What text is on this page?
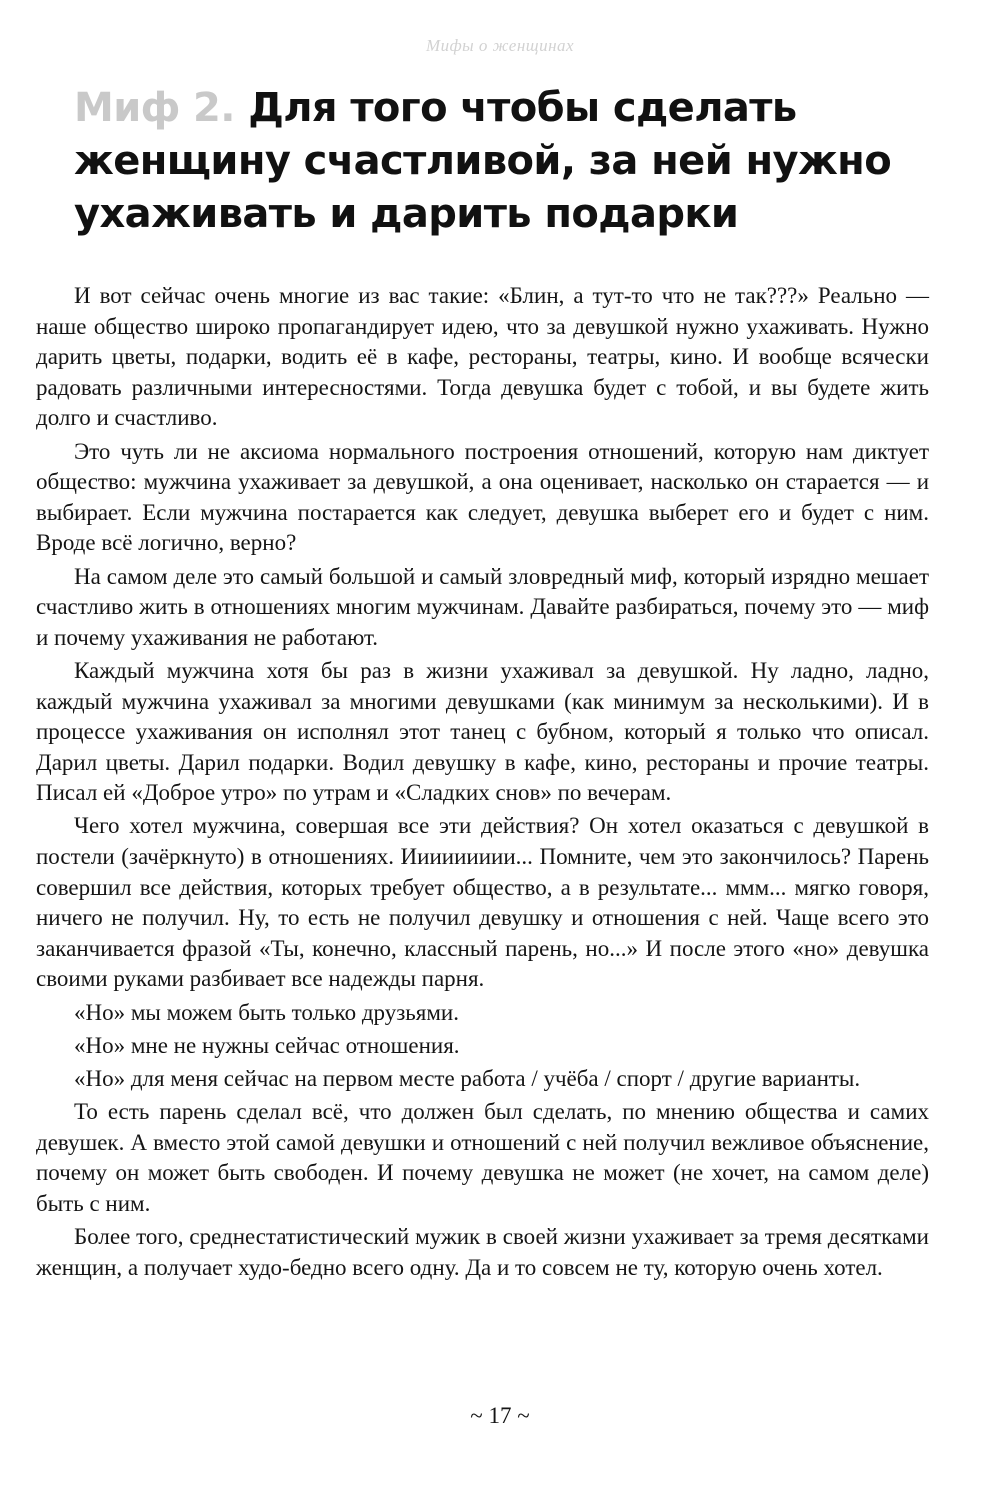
Мифы о женщинах
Миф 2. Для того чтобы сделать женщину счастливой, за ней нужно ухаживать и дарить подарки

И вот сейчас очень многие из вас такие: «Блин, а тут-то что не так???» Реально — наше общество широко пропагандирует идею, что за девушкой нужно ухаживать. Нужно дарить цветы, подарки, водить её в кафе, рестораны, театры, кино. И вообще всячески радовать различными интересностями. Тогда девушка будет с тобой, и вы будете жить долго и счастливо.

Это чуть ли не аксиома нормального построения отношений, которую нам диктует общество: мужчина ухаживает за девушкой, а она оценивает, насколько он старается — и выбирает. Если мужчина постарается как следует, девушка выберет его и будет с ним. Вроде всё логично, верно?

На самом деле это самый большой и самый зловредный миф, который изрядно мешает счастливо жить в отношениях многим мужчинам. Давайте разбираться, почему это — миф и почему ухаживания не работают.

Каждый мужчина хотя бы раз в жизни ухаживал за девушкой. Ну ладно, ладно, каждый мужчина ухаживал за многими девушками (как минимум за несколькими). И в процессе ухаживания он исполнял этот танец с бубном, который я только что описал. Дарил цветы. Дарил подарки. Водил девушку в кафе, кино, рестораны и прочие театры. Писал ей «Доброе утро» по утрам и «Сладких снов» по вечерам.

Чего хотел мужчина, совершая все эти действия? Он хотел оказаться с девушкой в постели (зачёркнуто) в отношениях. Иииииииии... Помните, чем это закончилось? Парень совершил все действия, которых требует общество, а в результате... ммм... мягко говоря, ничего не получил. Ну, то есть не получил девушку и отношения с ней. Чаще всего это заканчивается фразой «Ты, конечно, классный парень, но...» И после этого «но» девушка своими руками разбивает все надежды парня.

«Но» мы можем быть только друзьями.

«Но» мне не нужны сейчас отношения.

«Но» для меня сейчас на первом месте работа / учёба / спорт / другие варианты.

То есть парень сделал всё, что должен был сделать, по мнению общества и самих девушек. А вместо этой самой девушки и отношений с ней получил вежливое объяснение, почему он может быть свободен. И почему девушка не может (не хочет, на самом деле) быть с ним.

Более того, среднестатистический мужик в своей жизни ухаживает за тремя десятками женщин, а получает худо-бедно всего одну. Да и то совсем не ту, которую очень хотел.

~ 17 ~
